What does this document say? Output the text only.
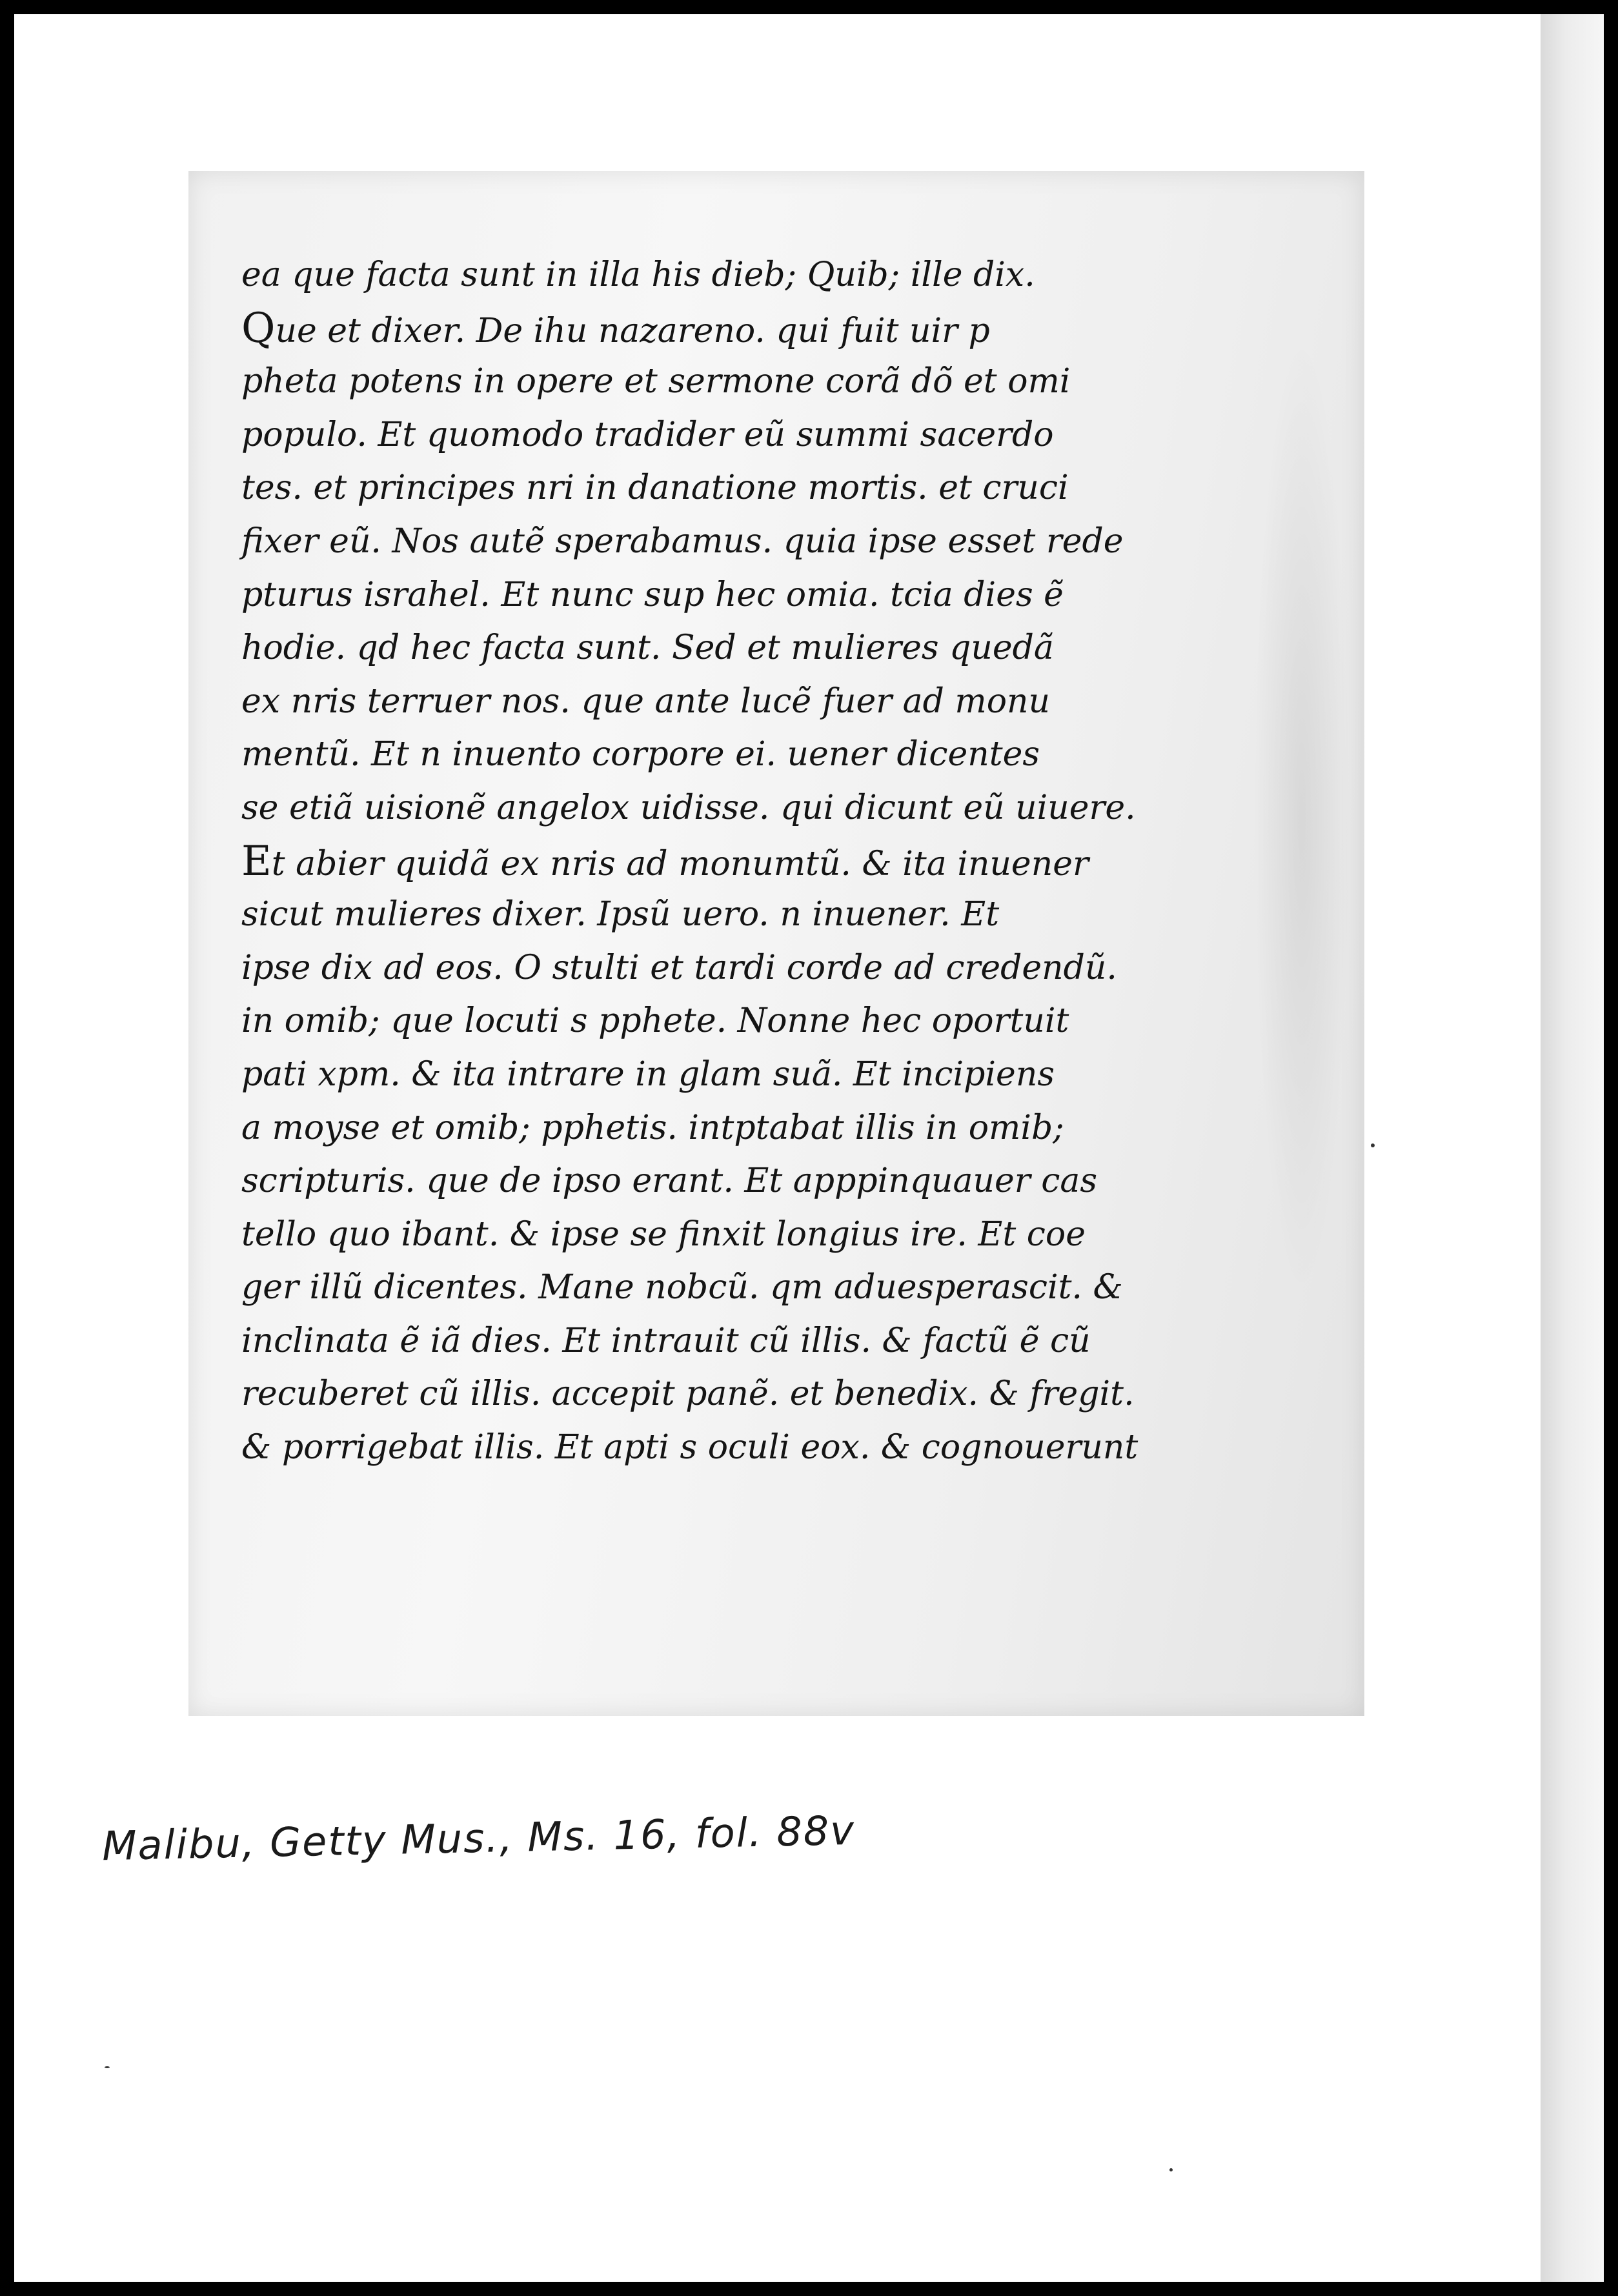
ea que facta sunt in illa his dieb; Quib; ille dix.
Que et dixer. De ihu nazareno. qui fuit uir p
pheta potens in opere et sermone corã dõ et omi
populo. Et quomodo tradider eũ summi sacerdo
tes. et principes nri in danatione mortis. et cruci
fixer eũ. Nos autẽ sperabamus. quia ipse esset rede
pturus israhel. Et nunc sup hec omia. tcia dies ẽ
hodie. qd hec facta sunt. Sed et mulieres quedã
ex nris terruer nos. que ante lucẽ fuer ad monu
mentũ. Et n inuento corpore ei. uener dicentes
se etiã uisionẽ angelox uidisse. qui dicunt eũ uiuere.
Et abier quidã ex nris ad monumtũ. & ita inuener
sicut mulieres dixer. Ipsũ uero. n inuener. Et
ipse dix ad eos. O stulti et tardi corde ad credendũ.
in omib; que locuti s pphete. Nonne hec oportuit
pati xpm. & ita intrare in glam suã. Et incipiens
a moyse et omib; pphetis. intptabat illis in omib;
scripturis. que de ipso erant. Et apppinquauer cas
tello quo ibant. & ipse se finxit longius ire. Et coe
ger illũ dicentes. Mane nobcũ. qm aduesperascit. &
inclinata ẽ iã dies. Et intrauit cũ illis. & factũ ẽ cũ
recuberet cũ illis. accepit panẽ. et benedix. & fregit.
& porrigebat illis. Et apti s oculi eox. & cognouerunt
Malibu, Getty Mus., Ms. 16, fol. 88v
